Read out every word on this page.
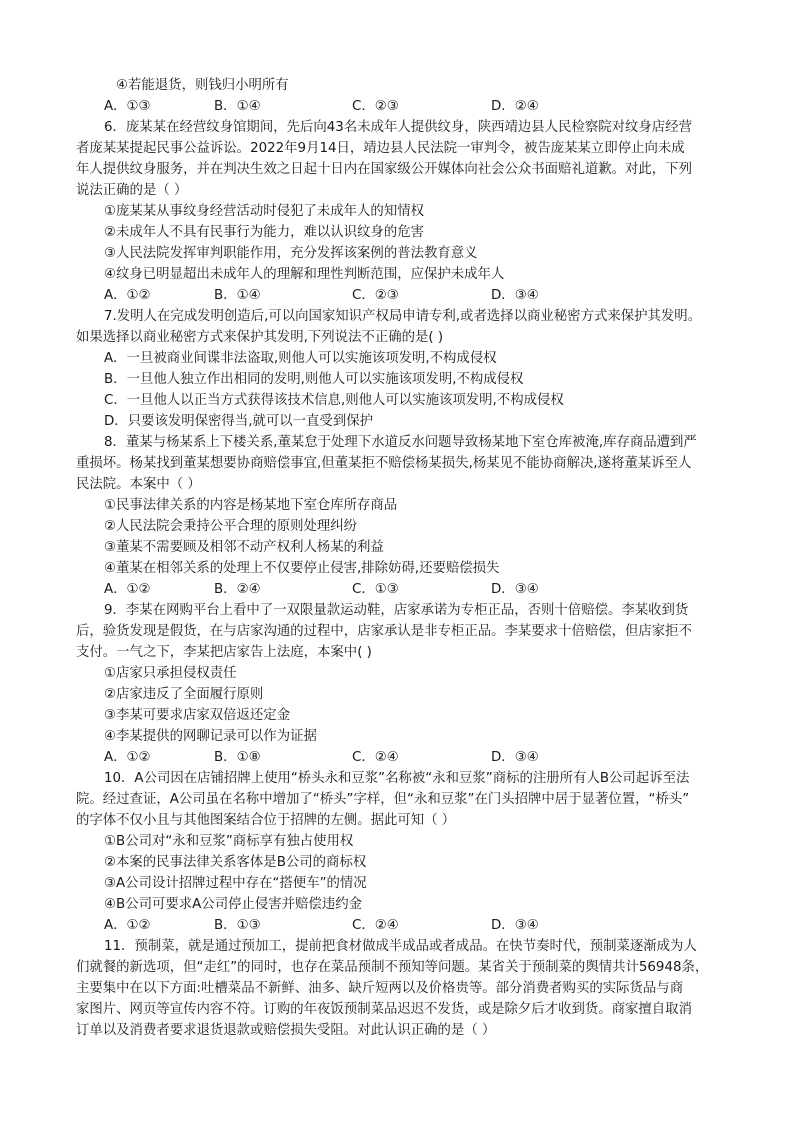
④若能退货，则钱归小明所有
A．①③	B．①④	C．②③	D．②④
6．庞某某在经营纹身馆期间，先后向43名未成年人提供纹身，陕西靖边县人民检察院对纹身店经营
者庞某某提起民事公益诉讼。2022年9月14日，靖边县人民法院一审判令，被告庞某某立即停止向未成
年人提供纹身服务，并在判决生效之日起十日内在国家级公开媒体向社会公众书面赔礼道歉。对此，下列
说法正确的是（ ）
①庞某某从事纹身经营活动时侵犯了未成年人的知情权
②未成年人不具有民事行为能力，难以认识纹身的危害
③人民法院发挥审判职能作用，充分发挥该案例的普法教育意义
④纹身已明显超出未成年人的理解和理性判断范围，应保护未成年人
A．①②	B．①④	C．②③	D．③④
7.发明人在完成发明创造后,可以向国家知识产权局申请专利,或者选择以商业秘密方式来保护其发明。
如果选择以商业秘密方式来保护其发明,下列说法不正确的是( )
A．一旦被商业间谍非法盗取,则他人可以实施该项发明,不构成侵权
B．一旦他人独立作出相同的发明,则他人可以实施该项发明,不构成侵权
C．一旦他人以正当方式获得该技术信息,则他人可以实施该项发明,不构成侵权
D．只要该发明保密得当,就可以一直受到保护
8．董某与杨某系上下楼关系,董某怠于处理下水道反水问题导致杨某地下室仓库被淹,库存商品遭到严
重损坏。杨某找到董某想要协商赔偿事宜,但董某拒不赔偿杨某损失,杨某见不能协商解决,遂将董某诉至人
民法院。本案中（ ）
①民事法律关系的内容是杨某地下室仓库所存商品
②人民法院会秉持公平合理的原则处理纠纷
③董某不需要顾及相邻不动产权利人杨某的利益
④董某在相邻关系的处理上不仅要停止侵害,排除妨碍,还要赔偿损失
A．①②	B．②④	C．①③	D．③④
9．李某在网购平台上看中了一双限量款运动鞋，店家承诺为专柜正品，否则十倍赔偿。李某收到货
后，验货发现是假货，在与店家沟通的过程中，店家承认是非专柜正品。李某要求十倍赔偿，但店家拒不
支付。一气之下，李某把店家告上法庭，本案中( )
①店家只承担侵权责任
②店家违反了全面履行原则
③李某可要求店家双倍返还定金
④李某提供的网聊记录可以作为证据
A．①②	B．①⑧	C．②④	D．③④
10．A公司因在店铺招牌上使用“桥头永和豆浆”名称被“永和豆浆”商标的注册所有人B公司起诉至法
院。经过查证，A公司虽在名称中增加了“桥头”字样，但“永和豆浆”在门头招牌中居于显著位置，“桥头”
的字体不仅小且与其他图案结合位于招牌的左侧。据此可知（ ）
①B公司对“永和豆浆”商标享有独占使用权
②本案的民事法律关系客体是B公司的商标权
③A公司设计招牌过程中存在“搭便车”的情况
④B公司可要求A公司停止侵害并赔偿违约金
A．①②	B．①③	C．②④	D．③④
11．预制菜，就是通过预加工，提前把食材做成半成品或者成品。在快节奏时代，预制菜逐渐成为人
们就餐的新选项，但“走红”的同时，也存在菜品预制不预知等问题。某省关于预制菜的舆情共计56948条，
主要集中在以下方面:吐槽菜品不新鲜、油多、缺斤短两以及价格贵等。部分消费者购买的实际货品与商
家图片、网页等宣传内容不符。订购的年夜饭预制菜品迟迟不发货，或是除夕后才收到货。商家擅自取消
订单以及消费者要求退货退款或赔偿损失受阻。对此认识正确的是（ ）
